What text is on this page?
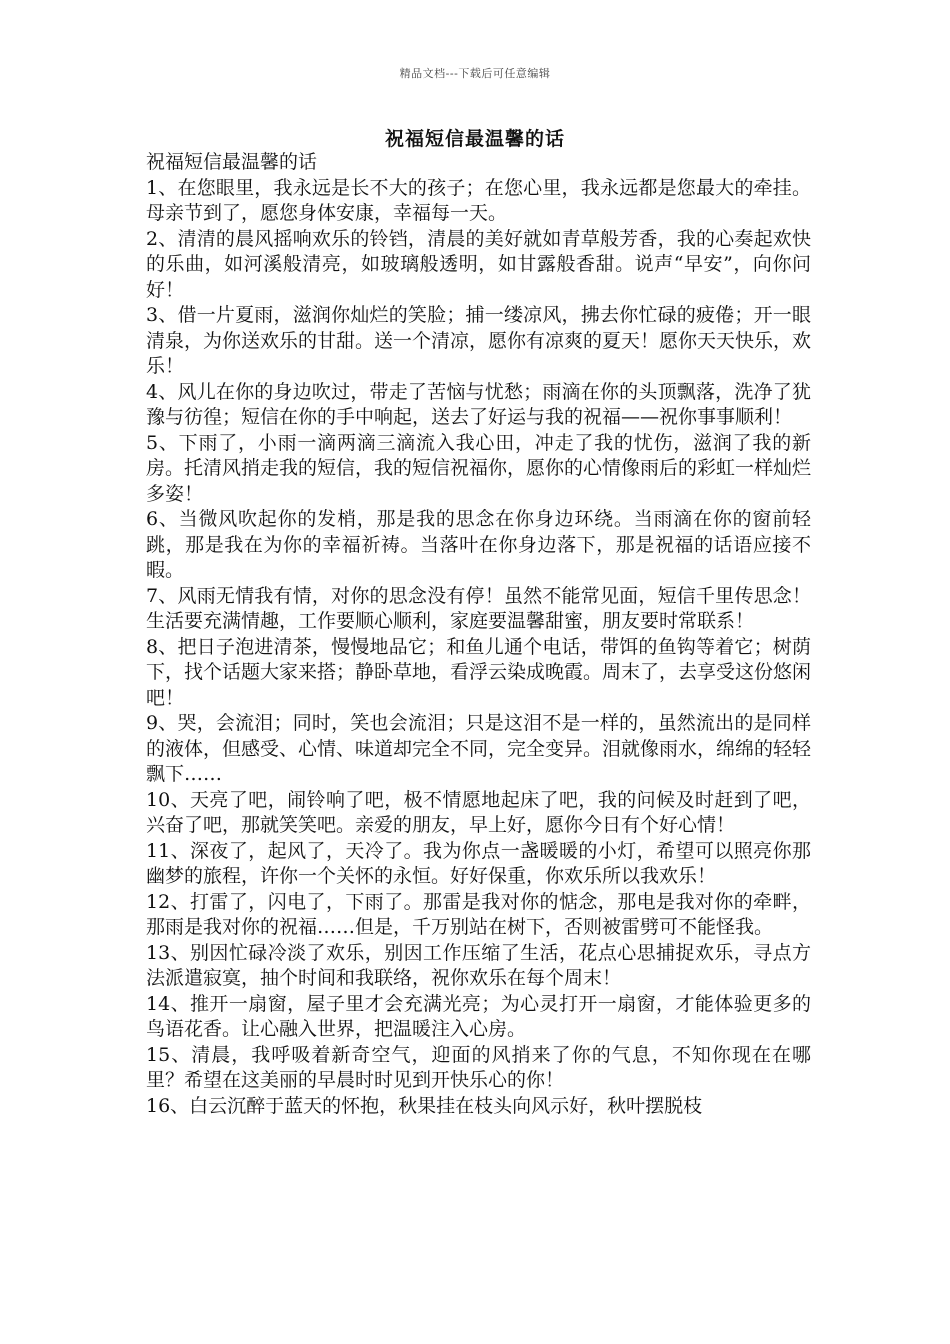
精品文档---下载后可任意编辑
祝福短信最温馨的话

祝福短信最温馨的话

1、在您眼里，我永远是长不大的孩子；在您心里，我永远都是您最大的牵挂。母亲节到了，愿您身体安康，幸福每一天。

2、清清的晨风摇响欢乐的铃铛，清晨的美好就如青草般芳香，我的心奏起欢快的乐曲，如河溪般清亮，如玻璃般透明，如甘露般香甜。说声“早安”，向你问好！

3、借一片夏雨，滋润你灿烂的笑脸；捕一缕凉风，拂去你忙碌的疲倦；开一眼清泉，为你送欢乐的甘甜。送一个清凉，愿你有凉爽的夏天！愿你天天快乐，欢乐！

4、风儿在你的身边吹过，带走了苦恼与忧愁；雨滴在你的头顶飘落，洗净了犹豫与彷徨；短信在你的手中响起，送去了好运与我的祝福——祝你事事顺利！

5、下雨了，小雨一滴两滴三滴流入我心田，冲走了我的忧伤，滋润了我的新房。托清风捎走我的短信，我的短信祝福你，愿你的心情像雨后的彩虹一样灿烂多姿！

6、当微风吹起你的发梢，那是我的思念在你身边环绕。当雨滴在你的窗前轻跳，那是我在为你的幸福祈祷。当落叶在你身边落下，那是祝福的话语应接不暇。

7、风雨无情我有情，对你的思念没有停！虽然不能常见面，短信千里传思念！生活要充满情趣，工作要顺心顺利，家庭要温馨甜蜜，朋友要时常联系！

8、把日子泡进清茶，慢慢地品它；和鱼儿通个电话，带饵的鱼钩等着它；树荫下，找个话题大家来搭；静卧草地，看浮云染成晚霞。周末了，去享受这份悠闲吧！

9、哭，会流泪；同时，笑也会流泪；只是这泪不是一样的，虽然流出的是同样的液体，但感受、心情、味道却完全不同，完全变异。泪就像雨水，绵绵的轻轻飘下……

10、天亮了吧，闹铃响了吧，极不情愿地起床了吧，我的问候及时赶到了吧，兴奋了吧，那就笑笑吧。亲爱的朋友，早上好，愿你今日有个好心情！

11、深夜了，起风了，天冷了。我为你点一盏暖暖的小灯，希望可以照亮你那幽梦的旅程，许你一个关怀的永恒。好好保重，你欢乐所以我欢乐！

12、打雷了，闪电了，下雨了。那雷是我对你的惦念，那电是我对你的牵畔，那雨是我对你的祝福……但是，千万别站在树下，否则被雷劈可不能怪我。

13、别因忙碌冷淡了欢乐，别因工作压缩了生活，花点心思捕捉欢乐，寻点方法派遣寂寞，抽个时间和我联络，祝你欢乐在每个周末！

14、推开一扇窗，屋子里才会充满光亮；为心灵打开一扇窗，才能体验更多的鸟语花香。让心融入世界，把温暖注入心房。

15、清晨，我呼吸着新奇空气，迎面的风捎来了你的气息，不知你现在在哪里？希望在这美丽的早晨时时见到开快乐心的你！

16、白云沉醉于蓝天的怀抱，秋果挂在枝头向风示好，秋叶摆脱枝
